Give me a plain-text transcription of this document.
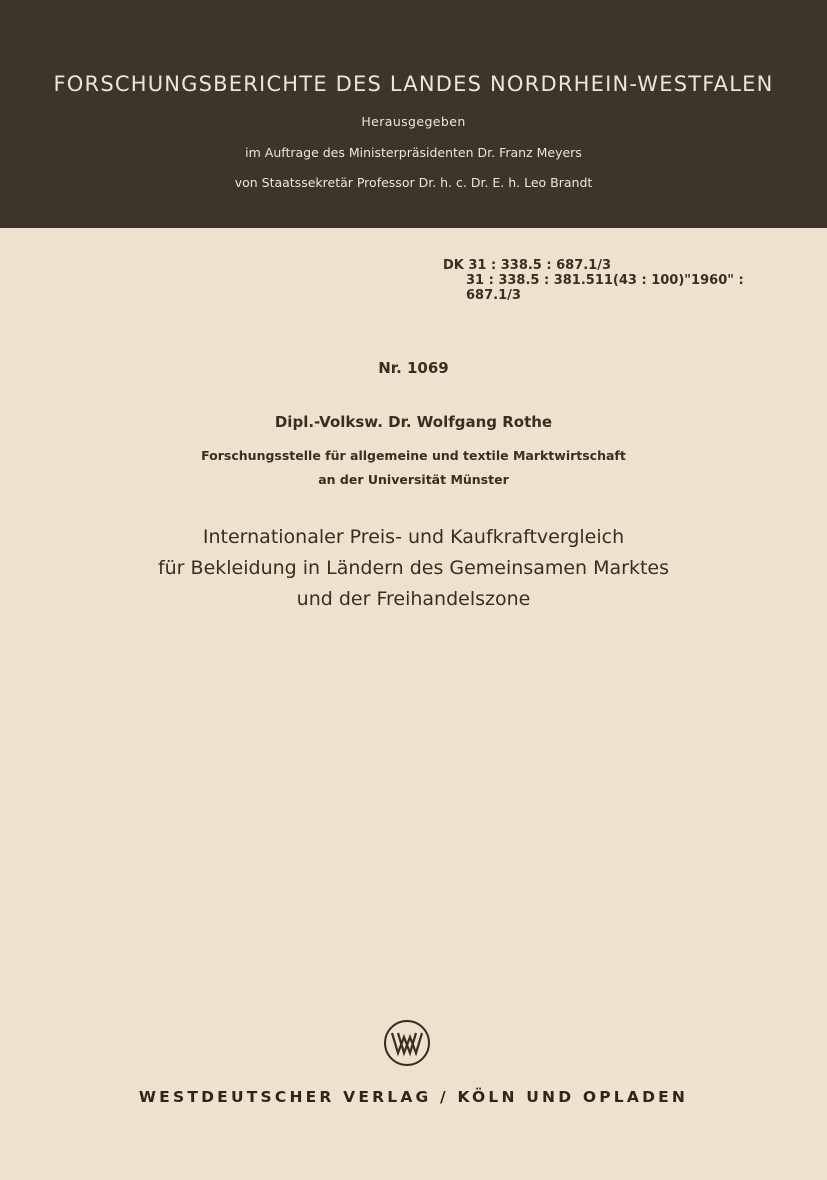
FORSCHUNGSBERICHTE DES LANDES NORDRHEIN-WESTFALEN
Herausgegeben
im Auftrage des Ministerpräsidenten Dr. Franz Meyers
von Staatssekretär Professor Dr. h. c. Dr. E. h. Leo Brandt
DK 31 : 338.5 : 687.1/3
31 : 338.5 : 381.511(43 : 100)"1960" : 687.1/3
Nr. 1069
Dipl.-Volksw. Dr. Wolfgang Rothe
Forschungsstelle für allgemeine und textile Marktwirtschaft
an der Universität Münster
Internationaler Preis- und Kaufkraftvergleich
für Bekleidung in Ländern des Gemeinsamen Marktes
und der Freihandelszone
WESTDEUTSCHER VERLAG / KÖLN UND OPLADEN
